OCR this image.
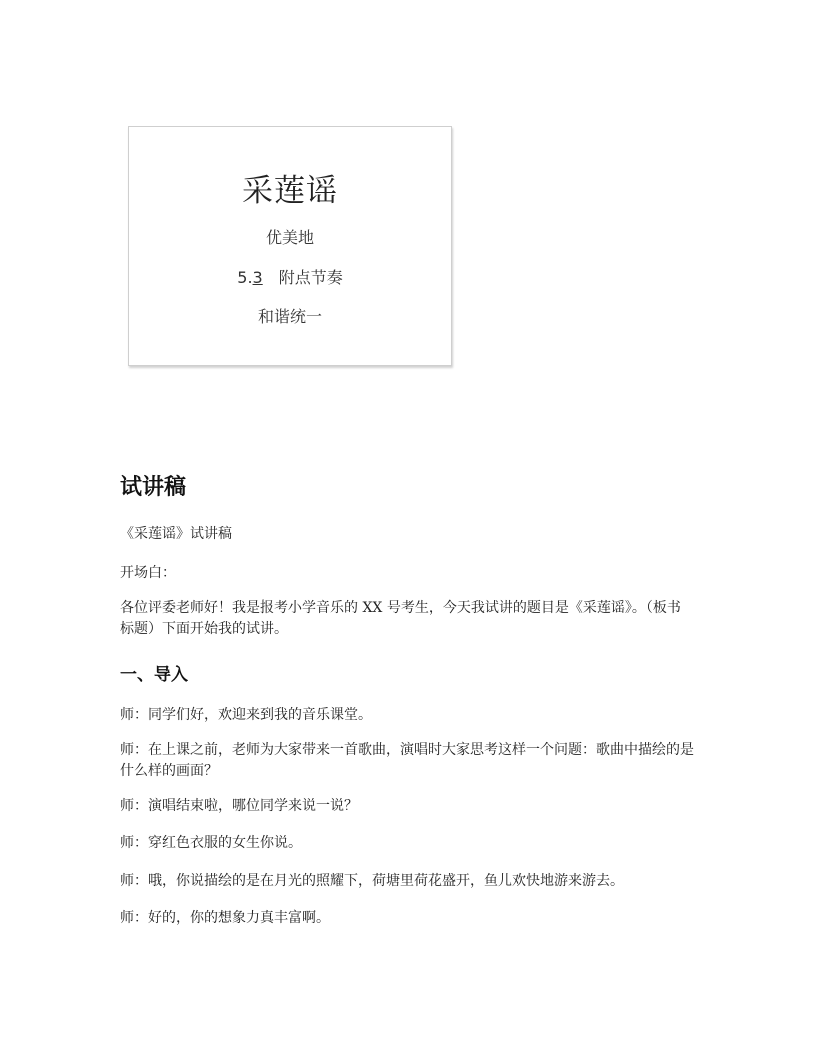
采莲谣
优美地
5.3 附点节奏
和谐统一
试讲稿
《采莲谣》试讲稿
开场白：
各位评委老师好！我是报考小学音乐的 XX 号考生，今天我试讲的题目是《采莲谣》。（板书标题）下面开始我的试讲。
一、导入
师：同学们好，欢迎来到我的音乐课堂。
师：在上课之前，老师为大家带来一首歌曲，演唱时大家思考这样一个问题：歌曲中描绘的是什么样的画面？
师：演唱结束啦，哪位同学来说一说？
师：穿红色衣服的女生你说。
师：哦，你说描绘的是在月光的照耀下，荷塘里荷花盛开，鱼儿欢快地游来游去。
师：好的，你的想象力真丰富啊。
